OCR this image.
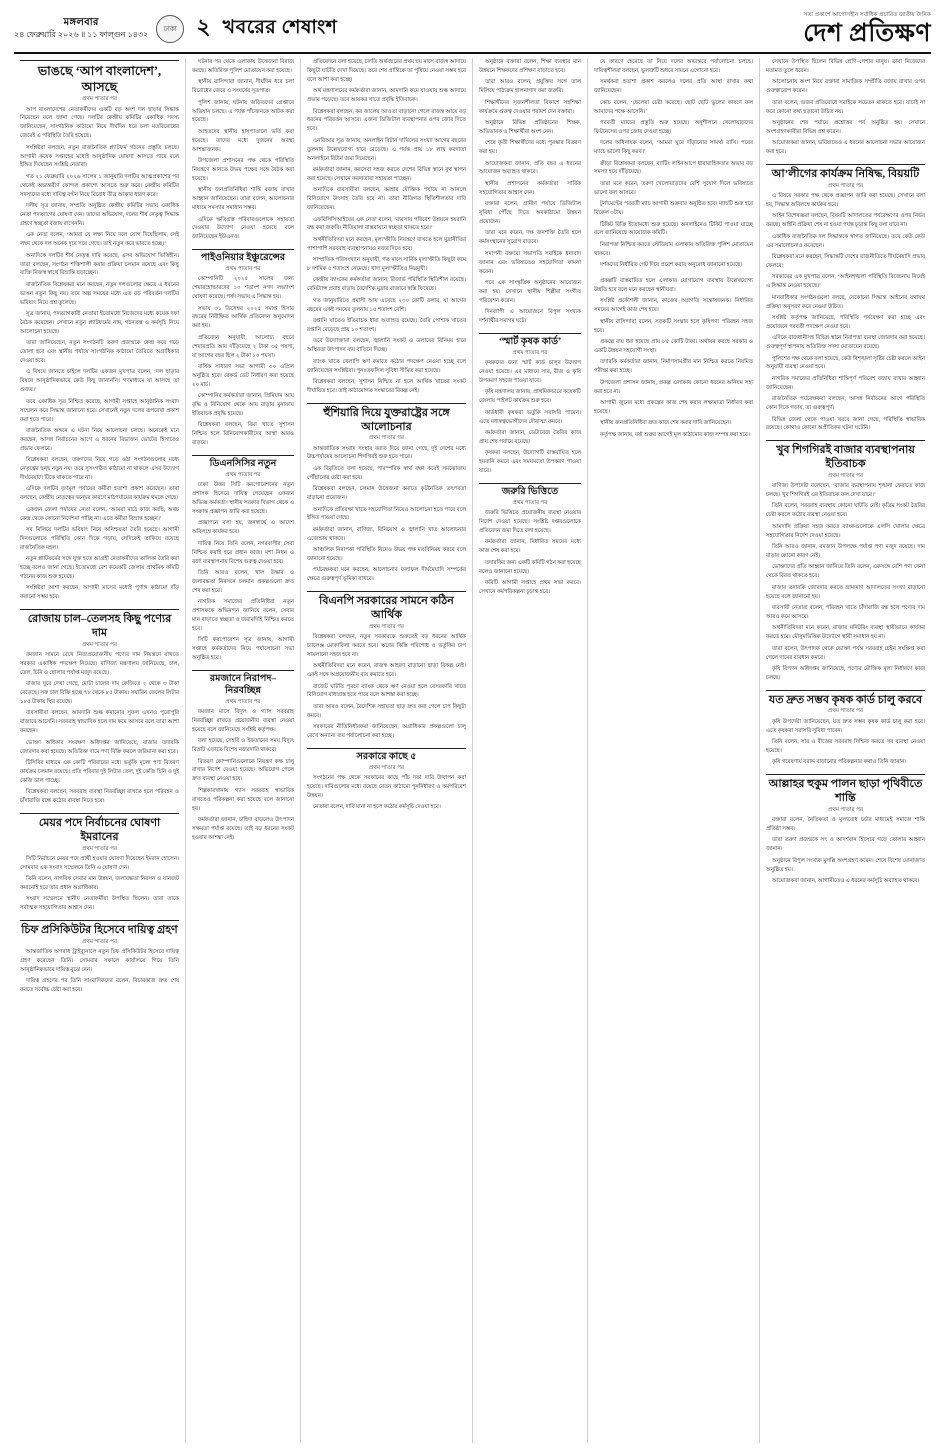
মঙ্গলবার
২৪ ফেব্রুয়ারি ২০২৬ ॥ ১১ ফাল্গুন ১৪৩২
ঢাকা ২ খবরের শেষাংশ
সত্য প্রকাশে আপোসহীন সর্বাধিক প্রচারিত জাতীয় দৈনিক
দেশ প্রতিক্ষণ
ভাঙছে ‘আপ বাংলাদেশ’, আসছে
প্রথম পাতার পর

আপ বাংলাদেশের নেতাকর্মীদের একটি বড় অংশ দল ছাড়ার সিদ্ধান্ত নিয়েছেন বলে জানা গেছে। দলটির কেন্দ্রীয় কমিটির একাধিক সদস্য জানিয়েছেন, সাংগঠনিক কাঠামো নিয়ে দীর্ঘদিন ধরে চলা মতবিরোধের জেরেই এ পরিস্থিতি তৈরি হয়েছে।

সংশ্লিষ্টরা বলছেন, নতুন রাজনৈতিক প্ল্যাটফর্ম গঠনের প্রস্তুতি চলছে। আগামী কয়েক সপ্তাহের মধ্যেই আনুষ্ঠানিক ঘোষণা আসতে পারে বলে ইঙ্গিত দিয়েছেন সংশ্লিষ্ট নেতারা।

গত ২১ ফেব্রুয়ারি ২০২৬ সালের ১ জানুয়ারি দলটির আত্মপ্রকাশের পর থেকেই অভ্যন্তরীণ কোন্দল প্রকাশ্যে আসতে শুরু করে। কেন্দ্রীয় কমিটির সদস্যদের মধ্যে দায়িত্ব বণ্টন নিয়ে বিরোধ তীব্র আকার ধারণ করে।

দলীয় সূত্র জানায়, সম্প্রতি অনুষ্ঠিত কেন্দ্রীয় কমিটির সভায় একাধিক নেতা পদত্যাগের ঘোষণা দেন। তাদের অভিযোগ, দলের শীর্ষ নেতৃত্ব সিদ্ধান্ত গ্রহণে স্বচ্ছতা বজায় রাখেননি।

এক নেতা বলেন, ‘আমরা যে লক্ষ্য নিয়ে দলে যোগ দিয়েছিলাম, সেই লক্ষ্য থেকে দল অনেক দূরে সরে গেছে। তাই নতুন করে ভাবতে হচ্ছে।’

অন্যদিকে দলটির শীর্ষ নেতৃত্ব দাবি করেছে, এসব অভিযোগ ভিত্তিহীন। তারা বলছেন, সংগঠন শক্তিশালী করার প্রক্রিয়া চলমান রয়েছে এবং কিছু ব্যক্তি নিজস্ব স্বার্থে বিভ্রান্তি ছড়াচ্ছেন।

রাজনৈতিক বিশ্লেষকরা মনে করছেন, নতুন দলগুলোর ক্ষেত্রে এ ধরনের ভাঙন নতুন কিছু নয়। তবে অল্প সময়ের মধ্যে এত বড় পরিবর্তন দলটির ভবিষ্যৎ নিয়ে প্রশ্ন তুলেছে।

সূত্র জানায়, পদত্যাগকারী নেতারা ইতোমধ্যে নিজেদের মধ্যে কয়েক দফা বৈঠক করেছেন। সেখানে নতুন প্ল্যাটফর্মের নাম, গঠনতন্ত্র ও কর্মসূচি নিয়ে আলোচনা হয়েছে।

তারা জানিয়েছেন, নতুন সংগঠনটি তরুণ প্রজন্মকে কেন্দ্র করে গড়ে তোলা হবে এবং স্থানীয় পর্যায়ে সাংগঠনিক কাঠামো তৈরিতে অগ্রাধিকার দেওয়া হবে।

এ বিষয়ে জানতে চাইলে দলটির একজন মুখপাত্র বলেন, ‘দল ছাড়ার বিষয়ে আনুষ্ঠানিকভাবে কেউ কিছু জানাননি। গণমাধ্যমে যা আসছে তা গুজব।’

তবে একাধিক সূত্র নিশ্চিত করেছে, আগামী সপ্তাহে আনুষ্ঠানিক সংবাদ সম্মেলন করে সিদ্ধান্ত জানানো হবে। সেখানেই নতুন দলের রূপরেখা প্রকাশ করা হতে পারে।

রাজনৈতিক অঙ্গনে এ ঘটনা নিয়ে আলোচনা চলছে। অনেকেই মনে করছেন, আসন্ন নির্বাচনের আগে এ ধরনের বিভাজন ভোটের হিসাবেও প্রভাব ফেলবে।

বিশ্লেষকরা বলছেন, তরুণদের নিয়ে গড়ে ওঠা সংগঠনগুলোর মধ্যে নেতৃত্বের দ্বন্দ্ব নতুন নয়। তবে সুসংগঠিত কাঠামো না থাকলে এসব উদ্যোগ দীর্ঘমেয়াদে টিকে থাকতে পারে না।

এদিকে দলটির তৃণমূল পর্যায়ের কর্মীরা হতাশা প্রকাশ করেছেন। তারা বলছেন, কেন্দ্রীয় নেতৃত্বের দ্বন্দ্বের কারণে মাঠপর্যায়ের কার্যক্রম থমকে গেছে।

একজন জেলা পর্যায়ের নেতা বলেন, ‘আমরা মাঠে কাজ করছি, অথচ কেন্দ্র থেকে কোনো নির্দেশনা পাচ্ছি না। এতে কর্মীরা বিভ্রান্ত হচ্ছেন।’

সব মিলিয়ে দলটির ভবিষ্যৎ নিয়ে অনিশ্চয়তা তৈরি হয়েছে। আগামী দিনগুলোতে পরিস্থিতি কোন দিকে গড়ায়, সেদিকেই তাকিয়ে রয়েছে রাজনৈতিক মহল।

নতুন প্ল্যাটফর্মের সঙ্গে যুক্ত হতে আগ্রহী নেতাকর্মীদের তালিকা তৈরি করা হচ্ছে বলেও জানা গেছে। ইতোমধ্যে বেশ কয়েকটি জেলায় প্রাথমিক কমিটি গঠনের কাজ শুরু হয়েছে।

সংশ্লিষ্টরা আশা করছেন, আগামী মাসের মধ্যেই পূর্ণাঙ্গ কাঠামো দাঁড় করানো সম্ভব হবে।

রোজায় চাল–তেলসহ কিছু পণ্যের দাম
প্রথম পাতার পর

রমজান সামনে রেখে নিত্যপ্রয়োজনীয় পণ্যের দাম নিয়ন্ত্রণে রাখতে সরকার একাধিক পদক্ষেপ নিয়েছে। বাণিজ্য মন্ত্রণালয় জানিয়েছে, চাল, তেল, চিনি ও ছোলার পর্যাপ্ত মজুদ রয়েছে।

বাজার ঘুরে দেখা গেছে, মোটা চালের দাম কেজিতে ২ থেকে ৩ টাকা বেড়েছে। সরু চাল বিক্রি হচ্ছে ৭৮ থেকে ৮৫ টাকায়। সয়াবিন তেলের লিটার ১৮৫ টাকায় স্থির রয়েছে।

ব্যবসায়ীরা বলছেন, আমদানি শুল্ক কমানোর সুফল এখনও পুরোপুরি বাজারে আসেনি। সরবরাহ স্বাভাবিক হলে দাম কমে আসবে বলে তারা আশা করছেন।

ভোক্তা অধিকার সংরক্ষণ অধিদপ্তর জানিয়েছে, বাজার তদারকি জোরদার করা হয়েছে। অতিরিক্ত দামে পণ্য বিক্রি করলে জরিমানা করা হবে।

টিসিবির মাধ্যমে এক কোটি পরিবারের মধ্যে ভর্তুকি মূল্যে পণ্য বিতরণ কার্যক্রম চলমান রয়েছে। প্রতি পরিবার দুই লিটার তেল, দুই কেজি চিনি ও দুই কেজি ডাল পাচ্ছে।

বিশ্লেষকরা বলছেন, সরবরাহ ব্যবস্থা নিরবচ্ছিন্ন রাখতে হলে পরিবহন ও চাঁদাবাজি বন্ধে কঠোর ব্যবস্থা নিতে হবে।

মেয়র পদে নির্বাচনের ঘোষণা ইমরানের
প্রথম পাতার পর

সিটি নির্বাচনে মেয়র পদে প্রার্থী হওয়ার ঘোষণা দিয়েছেন ইমরান হোসেন। সোমবার এক সংবাদ সম্মেলনে তিনি এ ঘোষণা দেন।

তিনি বলেন, নাগরিক সেবার মান উন্নয়ন, জলাবদ্ধতা নিরসন ও যানজট কমানোই হবে তার প্রধান অগ্রাধিকার।

সংবাদ সম্মেলনে স্থানীয় নেতাকর্মীরা উপস্থিত ছিলেন। তারা তাকে সর্বাত্মক সহযোগিতার আশ্বাস দেন।

চিফ প্রসিকিউটর হিসেবে দায়িত্ব গ্রহণ
প্রথম পাতার পর

আন্তর্জাতিক অপরাধ ট্রাইব্যুনালে নতুন চিফ প্রসিকিউটর হিসেবে দায়িত্ব গ্রহণ করেছেন তিনি। সোমবার সকালে কার্যালয়ে গিয়ে তিনি আনুষ্ঠানিকভাবে দায়িত্ব বুঝে নেন।

দায়িত্ব গ্রহণের পর তিনি সাংবাদিকদের বলেন, বিচারকাজ দ্রুত শেষ করতে সর্বোচ্চ চেষ্টা করা হবে।

ঘটনার পর থেকে এলাকায় উত্তেজনা বিরাজ করছে। অতিরিক্ত পুলিশ মোতায়েন করা হয়েছে।

স্থানীয় বাসিন্দারা জানান, দীর্ঘদিন ধরে চলা বিরোধের জেরে এ সংঘর্ষের সূত্রপাত।

পুলিশ জানায়, ঘটনায় জড়িতদের গ্রেপ্তারে অভিযান চলছে। এ পর্যন্ত পাঁচজনকে আটক করা হয়েছে।

আহতদের স্থানীয় হাসপাতালে ভর্তি করা হয়েছে। তাদের মধ্যে দুজনের অবস্থা আশঙ্কাজনক।

উপজেলা প্রশাসনের পক্ষ থেকে পরিস্থিতি নিয়ন্ত্রণে আনতে উভয় পক্ষের সঙ্গে বৈঠক করা হয়েছে।

স্থানীয় জনপ্রতিনিধিরা শান্তি বজায় রাখার আহ্বান জানিয়েছেন। তারা বলেন, আলোচনার মাধ্যমে সমস্যার সমাধান সম্ভব।

এদিকে ক্ষতিগ্রস্ত পরিবারগুলোকে সহায়তা দেওয়ার উদ্যোগ নেওয়া হয়েছে বলে জানিয়েছেন ইউএনও।

পাইওনিয়ার ইঞ্চুরেন্সের
প্রথম পাতার পর

কোম্পানিটি ২০২৫ সালের জন্য শেয়ারহোল্ডারদের ১০ শতাংশ নগদ লভ্যাংশ ঘোষণা করেছে। পর্ষদ সভায় এ সিদ্ধান্ত হয়।

সভায় ৩১ ডিসেম্বর ২০২৫ সমাপ্ত হিসাব বছরের নিরীক্ষিত আর্থিক প্রতিবেদন অনুমোদন করা হয়।

প্রতিবেদন অনুযায়ী, আলোচ্য বছরে শেয়ারপ্রতি আয় দাঁড়িয়েছে ২ টাকা ৩৫ পয়সা, যা আগের বছর ছিল ২ টাকা ১০ পয়সা।

বার্ষিক সাধারণ সভা আগামী ৩০ এপ্রিল অনুষ্ঠিত হবে। রেকর্ড ডেট নির্ধারণ করা হয়েছে ২০ মার্চ।

কোম্পানির কর্মকর্তারা জানান, প্রিমিয়াম আয় বৃদ্ধি ও বিনিয়োগ থেকে আয় বাড়ায় মুনাফায় ইতিবাচক প্রবৃদ্ধি হয়েছে।

বিশ্লেষকরা বলছেন, বিমা খাতে সুশাসন নিশ্চিত হলে বিনিয়োগকারীদের আস্থা আরও বাড়বে।

ডিএনসিসির নতুন
প্রথম পাতার পর

ঢাকা উত্তর সিটি করপোরেশনের নতুন প্রশাসক হিসেবে দায়িত্ব পেয়েছেন একজন অভিজ্ঞ কর্মকর্তা। স্থানীয় সরকার বিভাগ থেকে এ সংক্রান্ত প্রজ্ঞাপন জারি করা হয়েছে।

প্রজ্ঞাপনে বলা হয়, জনস্বার্থে এ আদেশ অবিলম্বে কার্যকর হবে।

দায়িত্ব নিয়ে তিনি বলেন, নগরবাসীর সেবা নিশ্চিত করাই হবে প্রধান কাজ। মশা নিধন ও বর্জ্য ব্যবস্থাপনায় বিশেষ গুরুত্ব দেওয়া হবে।

তিনি আরও বলেন, খাল উদ্ধার ও জলাবদ্ধতা নিরসনে চলমান প্রকল্পগুলো দ্রুত শেষ করা হবে।

নাগরিক সমাজের প্রতিনিধিরা নতুন প্রশাসককে অভিনন্দন জানিয়ে বলেন, সেবার মান বাড়াতে স্বচ্ছতা ও জবাবদিহি নিশ্চিত করতে হবে।

সিটি করপোরেশন সূত্র জানায়, আগামী সপ্তাহে কর্মকর্তাদের নিয়ে পর্যালোচনা সভা অনুষ্ঠিত হবে।

রমজানে নিরাপদ–নিরবচ্ছিন্ন
প্রথম পাতার পর

রমজান মাসে বিদ্যুৎ ও গ্যাস সরবরাহ নিরবচ্ছিন্ন রাখতে প্রয়োজনীয় ব্যবস্থা নেওয়া হয়েছে বলে জানিয়েছে সংশ্লিষ্ট কর্তৃপক্ষ।

বলা হয়েছে, সেহরি ও ইফতারের সময় বিদ্যুৎ বিভ্রাট এড়াতে বিশেষ নজরদারি থাকবে।

বিতরণ কোম্পানিগুলোকে নিয়ন্ত্রণ কক্ষ চালু রাখার নির্দেশ দেওয়া হয়েছে। অভিযোগ পেলে দ্রুত ব্যবস্থা নেওয়া হবে।

শিল্পকারখানায় গ্যাস সরবরাহ স্বাভাবিক রাখতেও পরিকল্পনা করা হয়েছে বলে জানানো হয়।

কর্মকর্তারা জানান, চাহিদা বাড়লেও উৎপাদন সক্ষমতা পর্যাপ্ত রয়েছে। তাই বড় ধরনের সংকট হওয়ার আশঙ্কা নেই।

প্রতিবেদনে বলা হয়েছে, চলতি অর্থবছরের প্রথম ছয় মাসে রাজস্ব আদায়ে কিছুটা ঘাটতি দেখা দিয়েছে। তবে শেষ প্রান্তিকে তা পুষিয়ে নেওয়া সম্ভব হবে বলে আশা করা হচ্ছে।

অর্থ মন্ত্রণালয়ের কর্মকর্তারা জানান, আমদানি কমে যাওয়ায় শুল্ক আদায়ে প্রভাব পড়েছে। তবে আয়কর খাতে প্রবৃদ্ধি ইতিবাচক।

বিশ্লেষকরা বলছেন, কর জালের আওতা বাড়ানো গেলে রাজস্ব আয়ে বড় ধরনের পরিবর্তন আসবে। এজন্য ডিজিটাল ব্যবস্থাপনার ওপর জোর দিতে হবে।

এনবিআর সূত্র জানায়, অনলাইন রিটার্ন দাখিলের সংখ্যা আগের বছরের তুলনায় উল্লেখযোগ্য হারে বেড়েছে। এ পর্যন্ত প্রায় ১৮ লাখ করদাতা অনলাইনে রিটার্ন জমা দিয়েছেন।

কর্মকর্তারা জানান, করসেবা সহজ করতে দেশের বিভিন্ন স্থানে বুথ স্থাপন করা হয়েছে। সেখানে করদাতারা সহায়তা পাচ্ছেন।

অন্যদিকে ব্যবসায়ীরা বলছেন, করহার যৌক্তিক পর্যায়ে না আনলে বিনিয়োগে উৎসাহ তৈরি হবে না। তারা নীতিগত স্থিতিশীলতার দাবি জানিয়েছেন।

এফবিসিসিআইয়ের এক নেতা বলেন, ‘ব্যবসায় পরিবেশ উন্নয়নে হয়রানি বন্ধ করা জরুরি। নীতিমালা বাস্তবায়নে স্বচ্ছতা থাকতে হবে।’

অর্থনীতিবিদরা মনে করছেন, মূল্যস্ফীতি নিয়ন্ত্রণে রাখতে হলে মুদ্রানীতির পাশাপাশি সরবরাহ ব্যবস্থাপনায়ও নজর দিতে হবে।

সাম্প্রতিক পরিসংখ্যান অনুযায়ী, গত মাসে সার্বিক মূল্যস্ফীতি কিছুটা কমে ৮ দশমিক ৫ শতাংশে নেমেছে। খাদ্য মূল্যস্ফীতিও নিম্নমুখী।

কেন্দ্রীয় ব্যাংকের কর্মকর্তারা জানান, রিজার্ভ পরিস্থিতি স্থিতিশীল রয়েছে। রেমিট্যান্স প্রবাহ বাড়ায় বৈদেশিক মুদ্রার বাজারে স্বস্তি ফিরেছে।

গত জানুয়ারিতে প্রবাসী আয় এসেছে ২৩০ কোটি ডলার, যা আগের বছরের একই সময়ের তুলনায় ১৫ শতাংশ বেশি।

রপ্তানি খাতেও ইতিবাচক ধারা অব্যাহত রয়েছে। তৈরি পোশাক খাতের রপ্তানি বেড়েছে প্রায় ১০ শতাংশ।

তবে উদ্যোক্তারা বলছেন, জ্বালানি সংকট ও ডলারের বিনিময় হারে অস্থিরতা উৎপাদন ব্যয় বাড়িয়ে দিচ্ছে।

ব্যাংক খাতে খেলাপি ঋণ কমাতে কঠোর পদক্ষেপ নেওয়া হচ্ছে বলে জানিয়েছেন সংশ্লিষ্টরা। পুনঃতফসিল সুবিধা সীমিত করা হয়েছে।

বিশ্লেষকরা বলছেন, সুশাসন নিশ্চিত না হলে আর্থিক খাতের সংকট দীর্ঘায়িত হবে। তাই কাঠামোগত সংস্কারের বিকল্প নেই।

হুঁশিয়ারি দিয়ে যুক্তরাষ্ট্রের সঙ্গে আলোচনার
প্রথম পাতার পর

আন্তর্জাতিক সংবাদ সংস্থার বরাত দিয়ে জানা গেছে, দুই দেশের মধ্যে উচ্চপর্যায়ের আলোচনা শিগগিরই শুরু হতে পারে।

এক বিবৃতিতে বলা হয়েছে, পারস্পরিক স্বার্থ রক্ষা করেই সমঝোতায় পৌঁছানোর চেষ্টা করা হবে।

বিশ্লেষকরা বলছেন, চলমান উত্তেজনা কমাতে কূটনৈতিক তৎপরতা বাড়ানো প্রয়োজন।

অন্যদিকে প্রতিরক্ষা খাতে সহযোগিতা নিয়েও আলোচনা হতে পারে বলে ইঙ্গিত পাওয়া গেছে।

কর্মকর্তারা জানান, বাণিজ্য, বিনিয়োগ ও জ্বালানি খাত আলোচনার এজেন্ডায় থাকবে।

আঞ্চলিক নিরাপত্তা পরিস্থিতি নিয়েও উভয় পক্ষ মতবিনিময় করবে বলে জানানো হয়েছে।

পর্যবেক্ষকরা মনে করছেন, আলোচনার ফলাফল দীর্ঘমেয়াদি সম্পর্কের ক্ষেত্রে গুরুত্বপূর্ণ ভূমিকা রাখবে।

বিএনপি সরকারের সামনে কঠিন আর্থিক
প্রথম পাতার পর

বিশ্লেষকরা বলছেন, নতুন সরকারকে শুরুতেই বড় ধরনের আর্থিক চ্যালেঞ্জ মোকাবিলা করতে হবে। ঋণের কিস্তি পরিশোধ ও ভর্তুকির চাপ সামলানো সহজ হবে না।

অর্থনীতিবিদরা মনে করেন, রাজস্ব আহরণ বাড়ানো ছাড়া বিকল্প নেই। একই সঙ্গে অপ্রয়োজনীয় ব্যয় কমাতে হবে।

বাজেট ঘাটতি পূরণে ব্যাংক থেকে ঋণ নেওয়া হলে বেসরকারি খাতে বিনিয়োগ বাধাগ্রস্ত হতে পারে বলে আশঙ্কা করা হচ্ছে।

তারা আরও বলেন, বৈদেশিক সহায়তা ছাড় দ্রুত করা গেলে চাপ কিছুটা কমবে।

সরকারের নীতিনির্ধারকরা জানিয়েছেন, অগ্রাধিকার প্রকল্পগুলো চালু রেখে অন্যান্য ব্যয় পর্যালোচনা করা হচ্ছে।

সরকারে কাছে ৫
প্রথম পাতার পর

সংগঠনের পক্ষ থেকে সরকারের কাছে পাঁচ দফা দাবি উত্থাপন করা হয়েছে। দাবিগুলোর মধ্যে রয়েছে বেতন কাঠামো পুনর্নির্ধারণ ও কর্মপরিবেশ উন্নয়ন।

নেতারা বলেন, দাবি মানা না হলে কঠোর কর্মসূচি দেওয়া হবে।

অনুষ্ঠানে বক্তারা বলেন, শিক্ষা ব্যবস্থার মান উন্নয়নে শিক্ষকদের প্রশিক্ষণ বাড়াতে হবে।

তারা আরও বলেন, প্রযুক্তির সঙ্গে তাল মিলিয়ে পাঠ্যক্রম হালনাগাদ করা জরুরি।

শিক্ষার্থীদের সৃজনশীলতা বিকাশে সহশিক্ষা কার্যক্রমে গুরুত্ব দেওয়ার পরামর্শ দেন বক্তারা।

অনুষ্ঠানে বিভিন্ন প্রতিষ্ঠানের শিক্ষক, অভিভাবক ও শিক্ষার্থীরা অংশ নেন।

শেষে কৃতী শিক্ষার্থীদের মধ্যে পুরস্কার বিতরণ করা হয়।

আয়োজকরা জানান, প্রতি বছর এ ধরনের আয়োজন অব্যাহত থাকবে।

স্থানীয় প্রশাসনের কর্মকর্তারা সার্বিক সহযোগিতার আশ্বাস দেন।

বক্তারা বলেন, গ্রামীণ পর্যায়ে ডিজিটাল সুবিধা পৌঁছে দিতে অবকাঠামো উন্নয়ন প্রয়োজন।

তারা মনে করেন, দক্ষ জনশক্তি তৈরি হলে কর্মসংস্থানের সুযোগ বাড়বে।

সমাপনী বক্তব্যে সভাপতি সবাইকে ধন্যবাদ জানান এবং ভবিষ্যতেও সহযোগিতা কামনা করেন।

পরে এক সাংস্কৃতিক অনুষ্ঠানের আয়োজন করা হয়। সেখানে স্থানীয় শিল্পীরা সংগীত পরিবেশন করেন।

দিনব্যাপী এ আয়োজনে বিপুল সংখ্যক দর্শনার্থীর সমাগম ঘটে।

‘স্মার্ট কৃষক কার্ড’
প্রথম পাতার পর

কৃষকদের জন্য স্মার্ট কার্ড চালুর উদ্যোগ নেওয়া হয়েছে। এর মাধ্যমে সার, বীজ ও কৃষি উপকরণ সহজে পাওয়া যাবে।

কৃষি মন্ত্রণালয় জানায়, প্রাথমিকভাবে কয়েকটি জেলায় পাইলট কার্যক্রম শুরু হবে।

কার্ডধারী কৃষকরা ভর্তুকি সরাসরি পাবেন। এতে মধ্যস্বত্বভোগীদের দৌরাত্ম্য কমবে।

কর্মকর্তারা জানান, ডেটাবেজ তৈরির কাজ প্রায় শেষ পর্যায়ে রয়েছে।

কৃষকরা বলছেন, উদ্যোগটি বাস্তবায়িত হলে হয়রানি কমবে এবং সময়মতো উপকরণ পাওয়া যাবে।

জরুরি ভিত্তিতে
প্রথম পাতার পর

জরুরি ভিত্তিতে প্রয়োজনীয় ব্যবস্থা নেওয়ার নির্দেশ দেওয়া হয়েছে। সংশ্লিষ্ট দপ্তরগুলোকে প্রতিবেদন জমা দিতে বলা হয়েছে।

কর্মকর্তারা জানান, নির্ধারিত সময়ের মধ্যে কাজ শেষ করা হবে।

তদারকির জন্য একটি কমিটি গঠন করা হয়েছে বলেও জানানো হয়েছে।

কমিটি আগামী সপ্তাহে প্রথম সভা করবে। সেখানে কর্মপরিকল্পনা চূড়ান্ত হবে।

যে কারণে হেরেছে তা নিয়ে দলের অভ্যন্তরে পর্যালোচনা চলছে। দায়িত্বশীলরা বলছেন, ভুলত্রুটি শুধরে সামনে এগোনো হবে।

সমর্থকরা হতাশা প্রকাশ করলেও দলের প্রতি আস্থা রাখার কথা জানিয়েছেন।

কোচ বলেন, ‘ছেলেরা চেষ্টা করেছে। ছোট ছোট ভুলের কারণে ফল আমাদের পক্ষে আসেনি।’

পরবর্তী ম্যাচের প্রস্তুতি শুরু হয়েছে। অনুশীলনে খেলোয়াড়দের ফিটনেসের ওপর জোর দেওয়া হচ্ছে।

দলের অধিনায়ক বলেন, ‘আমরা ঘুরে দাঁড়ানোর সামর্থ্য রাখি। পরের ম্যাচে ভালো কিছু করব।’

ক্রীড়া বিশ্লেষকরা বলছেন, ব্যাটিং লাইনআপে ধারাবাহিকতার অভাব বড় সমস্যা হয়ে দাঁড়িয়েছে।

তারা মনে করেন, তরুণ খেলোয়াড়দের বেশি সুযোগ দিলে ভবিষ্যতে ভালো ফল আসবে।

টুর্নামেন্টের পরবর্তী ম্যাচ আগামী শুক্রবার অনুষ্ঠিত হবে। ম্যাচটি শুরু হবে বিকেল ৩টায়।

টিকিট বিক্রি ইতোমধ্যে শুরু হয়েছে। অনলাইনেও টিকিট পাওয়া যাচ্ছে বলে জানিয়েছে আয়োজক কমিটি।

নিরাপত্তা নিশ্চিত করতে স্টেডিয়াম এলাকায় অতিরিক্ত পুলিশ মোতায়েন থাকবে।

দর্শকদের নির্ধারিত গেট দিয়ে প্রবেশ করার অনুরোধ জানানো হয়েছে।

প্রকল্পটি বাস্তবায়িত হলে এলাকার যোগাযোগ ব্যবস্থায় উল্লেখযোগ্য উন্নতি হবে বলে মনে করছেন স্থানীয়রা।

সংশ্লিষ্ট প্রকৌশলী জানান, কাজের অগ্রগতি সন্তোষজনক। নির্ধারিত সময়ের আগেই কাজ শেষ হবে।

স্থানীয় বাসিন্দারা বলেন, সড়কটি সংস্কার হলে কৃষিপণ্য পরিবহন সহজ হবে।

প্রকল্পে ব্যয় ধরা হয়েছে প্রায় ৮৫ কোটি টাকা। অর্থায়ন করছে সরকার ও একটি উন্নয়ন সহযোগী সংস্থা।

তদারকি কর্মকর্তারা জানান, নির্মাণসামগ্রীর মান নিশ্চিত করতে নিয়মিত পরীক্ষা করা হচ্ছে।

উপজেলা প্রশাসন জানায়, প্রকল্প এলাকায় কোনো ধরনের অনিয়ম সহ্য করা হবে না।

আগামী জুনের মধ্যে প্রকল্পের কাজ শেষ করার লক্ষ্যমাত্রা নির্ধারণ করা হয়েছে।

স্থানীয় জনপ্রতিনিধিরা দ্রুত কাজ শেষ করার দাবি জানিয়েছেন।

কর্তৃপক্ষ জানায়, বর্ষা শুরুর আগেই মূল কাঠামোর কাজ সম্পন্ন করা হবে।

সেখানে উপস্থিত ছিলেন বিভিন্ন শ্রেণি–পেশার মানুষ। তারা নিজেদের মতামত তুলে ধরেন।

আলোচনায় অংশ নিয়ে বক্তারা সামাজিক সম্প্রীতি বজায় রাখার ওপর গুরুত্বারোপ করেন।

তারা বলেন, গুজব প্রতিরোধে সবাইকে সচেতন থাকতে হবে। যাচাই না করে কোনো তথ্য ছড়ানো উচিত নয়।

অনুষ্ঠানের শেষ পর্যায়ে প্রশ্নোত্তর পর্ব অনুষ্ঠিত হয়। সেখানে অংশগ্রহণকারীরা বিভিন্ন প্রশ্ন করেন।

আয়োজকরা জানান, ভবিষ্যতেও এ ধরনের আলোচনা সভার আয়োজন করা হবে।

আ’লীগের কার্যক্রম নিষিদ্ধ, বিয়য়টি
প্রথম পাতার পর

এ বিষয়ে সরকার পক্ষ থেকে প্রজ্ঞাপন জারি করা হয়েছে। সেখানে বলা হয়, সিদ্ধান্ত অবিলম্বে কার্যকর হবে।

আইন বিশেষজ্ঞরা বলছেন, বিষয়টি আদালতের পর্যবেক্ষণের ওপর নির্ভর করছে। আইনি প্রক্রিয়া শেষ না হওয়া পর্যন্ত চূড়ান্ত কিছু বলা যাবে না।

একাধিক রাজনৈতিক দল সিদ্ধান্তকে স্বাগত জানিয়েছে। তবে কেউ কেউ এর সমালোচনাও করেছেন।

বিশ্লেষকরা মনে করছেন, সিদ্ধান্তটি দেশের রাজনীতিতে দীর্ঘমেয়াদি প্রভাব ফেলবে।

সরকারের এক মুখপাত্র বলেন, ‘আইনশৃঙ্খলা পরিস্থিতি বিবেচনায় নিয়েই এ সিদ্ধান্ত নেওয়া হয়েছে।’

মানবাধিকার সংগঠনগুলো বলছে, যেকোনো সিদ্ধান্ত আইনের যথাযথ প্রক্রিয়া অনুসরণ করে নেওয়া উচিত।

সংশ্লিষ্ট কর্তৃপক্ষ জানিয়েছে, পরিস্থিতি পর্যবেক্ষণ করা হচ্ছে এবং প্রয়োজনে পরবর্তী পদক্ষেপ নেওয়া হবে।

এদিকে রাজধানীসহ বিভিন্ন স্থানে নিরাপত্তা ব্যবস্থা জোরদার করা হয়েছে। গুরুত্বপূর্ণ স্থাপনায় অতিরিক্ত সদস্য মোতায়েন রয়েছে।

পুলিশের পক্ষ থেকে বলা হয়েছে, কেউ বিশৃঙ্খলা সৃষ্টির চেষ্টা করলে আইন অনুযায়ী ব্যবস্থা নেওয়া হবে।

নাগরিক সমাজের প্রতিনিধিরা শান্তিপূর্ণ পরিবেশ বজায় রাখার আহ্বান জানিয়েছেন।

রাজনৈতিক পর্যবেক্ষকরা বলছেন, আসন্ন নির্বাচনের আগে পরিস্থিতি কোন দিকে গড়ায়, তা গুরুত্বপূর্ণ।

বিভিন্ন জেলা থেকে পাওয়া খবরে জানা গেছে, পরিস্থিতি স্বাভাবিক রয়েছে। কোথাও কোনো অপ্রীতিকর ঘটনা ঘটেনি।

খুব শিগগিরই বাজার ব্যবস্থাপনায় ইতিবাচক
প্রথম পাতার পর

বাণিজ্য উপদেষ্টা বলেছেন, ‘বাজার ব্যবস্থাপনায় শৃঙ্খলা ফেরাতে কাজ চলছে। খুব শিগগিরই এর ইতিবাচক ফল দেখা যাবে।’

তিনি বলেন, সরবরাহ ব্যবস্থায় কোনো ঘাটতি নেই। কৃত্রিম সংকট তৈরির চেষ্টা করলে কঠোর ব্যবস্থা নেওয়া হবে।

আমদানি প্রক্রিয়া সহজ করতে ব্যাংকগুলোকে এলসি খোলার ক্ষেত্রে সহযোগিতার নির্দেশ দেওয়া হয়েছে।

তিনি আরও জানান, রমজান উপলক্ষে পর্যাপ্ত পণ্য মজুদ রয়েছে। দাম বাড়ার কোনো কারণ নেই।

ভোক্তাদের প্রতি আহ্বান জানিয়ে তিনি বলেন, একসঙ্গে বেশি পণ্য কেনা থেকে বিরত থাকতে হবে।

বাজার তদারকি জোরদার করতে ভ্রাম্যমাণ আদালতের সংখ্যা বাড়ানো হয়েছে বলে জানানো হয়।

ব্যবসায়ী নেতারা বলেন, পরিবহন খাতে চাঁদাবাজি বন্ধ হলে পণ্যের দাম আরও কমে আসবে।

অর্থনীতিবিদরা মনে করেন, বাজার মনিটরিং ব্যবস্থা স্থায়ীভাবে কার্যকর করতে হবে। মৌসুমভিত্তিক উদ্যোগে স্থায়ী সমাধান হয় না।

তারা বলেন, উৎপাদক থেকে ভোক্তা পর্যন্ত সরবরাহ চেইন সংক্ষিপ্ত করা গেলে দামের ব্যবধান কমবে।

কৃষি বিপণন অধিদপ্তর জানিয়েছে, পণ্যের যৌক্তিক মূল্য নির্ধারণে কাজ চলছে।

যত দ্রুত সম্ভব কৃষক কার্ড চালু করবে
প্রথম পাতার পর

কৃষি উপদেষ্টা জানিয়েছেন, যত দ্রুত সম্ভব কৃষক কার্ড চালু করা হবে। এতে কৃষকরা সরাসরি সুবিধা পাবেন।

তিনি বলেন, সার ও বীজের সরবরাহ নিশ্চিত করতে সব ব্যবস্থা নেওয়া হয়েছে।

কৃষি গবেষণায় বরাদ্দ বাড়ানোর পরিকল্পনার কথাও তিনি জানান।

আল্লাহর হুকুম পালন ছাড়া পৃথিবীতে শান্তি
প্রথম পাতার পর

বক্তারা বলেন, নৈতিকতা ও মূল্যবোধ চর্চার মাধ্যমেই সমাজে শান্তি প্রতিষ্ঠা সম্ভব।

তারা তরুণ প্রজন্মকে সৎ ও আদর্শবান হিসেবে গড়ে তোলার আহ্বান জানান।

অনুষ্ঠানে বিপুল সংখ্যক মুসল্লি অংশগ্রহণ করেন। শেষে বিশেষ মোনাজাত অনুষ্ঠিত হয়।

আয়োজকরা জানান, আগামীতেও এ ধরনের কর্মসূচি অব্যাহত থাকবে।
